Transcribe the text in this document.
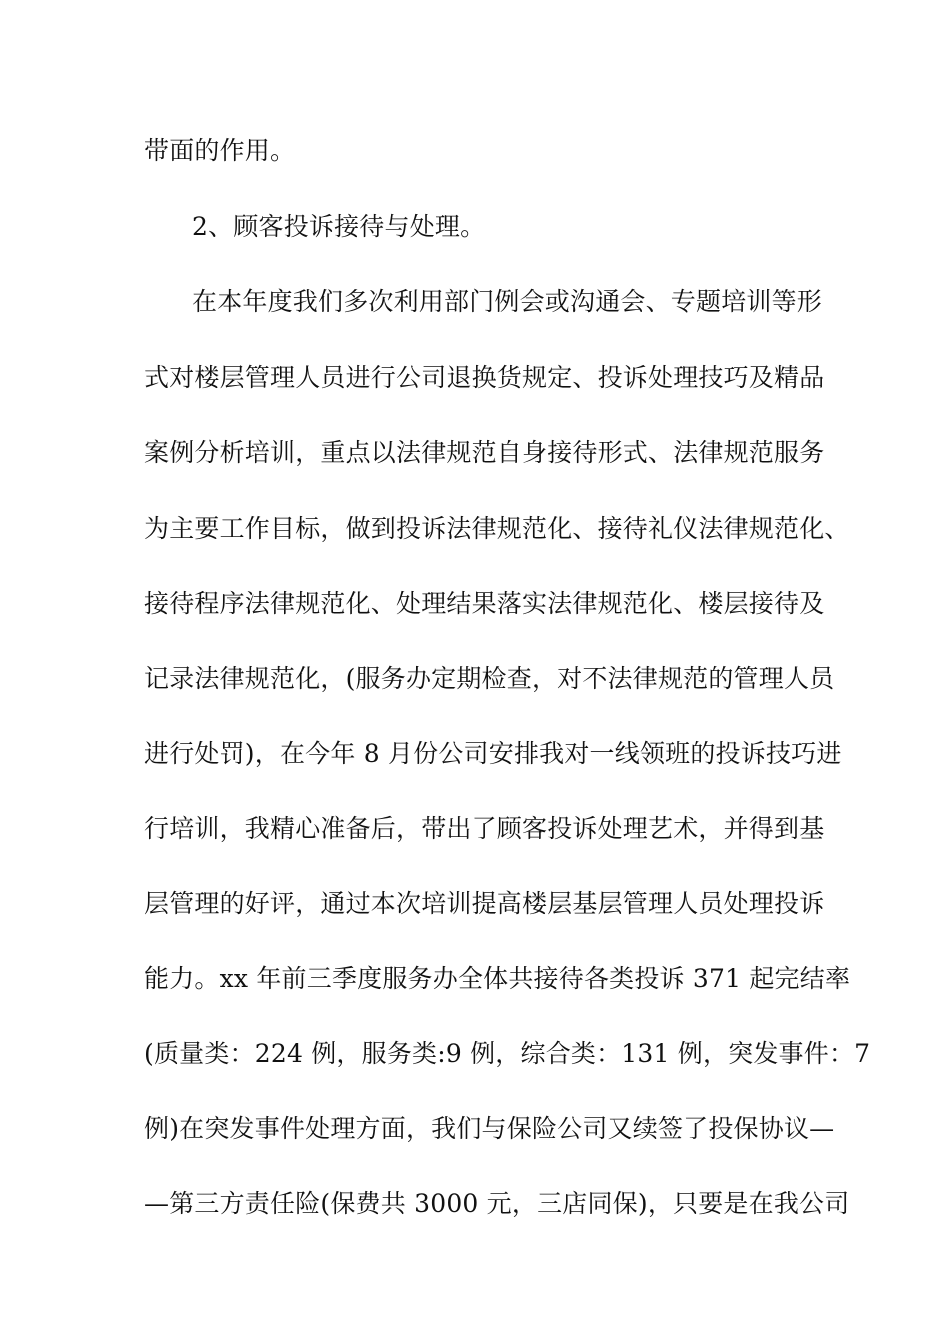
带面的作用。
2、顾客投诉接待与处理。
在本年度我们多次利用部门例会或沟通会、专题培训等形
式对楼层管理人员进行公司退换货规定、投诉处理技巧及精品
案例分析培训，重点以法律规范自身接待形式、法律规范服务
为主要工作目标，做到投诉法律规范化、接待礼仪法律规范化、
接待程序法律规范化、处理结果落实法律规范化、楼层接待及
记录法律规范化，(服务办定期检查，对不法律规范的管理人员
进行处罚)，在今年 8 月份公司安排我对一线领班的投诉技巧进
行培训，我精心准备后，带出了顾客投诉处理艺术，并得到基
层管理的好评，通过本次培训提高楼层基层管理人员处理投诉
能力。xx 年前三季度服务办全体共接待各类投诉 371 起完结率
(质量类：224 例，服务类:9 例，综合类：131 例，突发事件：7
例)在突发事件处理方面，我们与保险公司又续签了投保协议—
—第三方责任险(保费共 3000 元，三店同保)，只要是在我公司
